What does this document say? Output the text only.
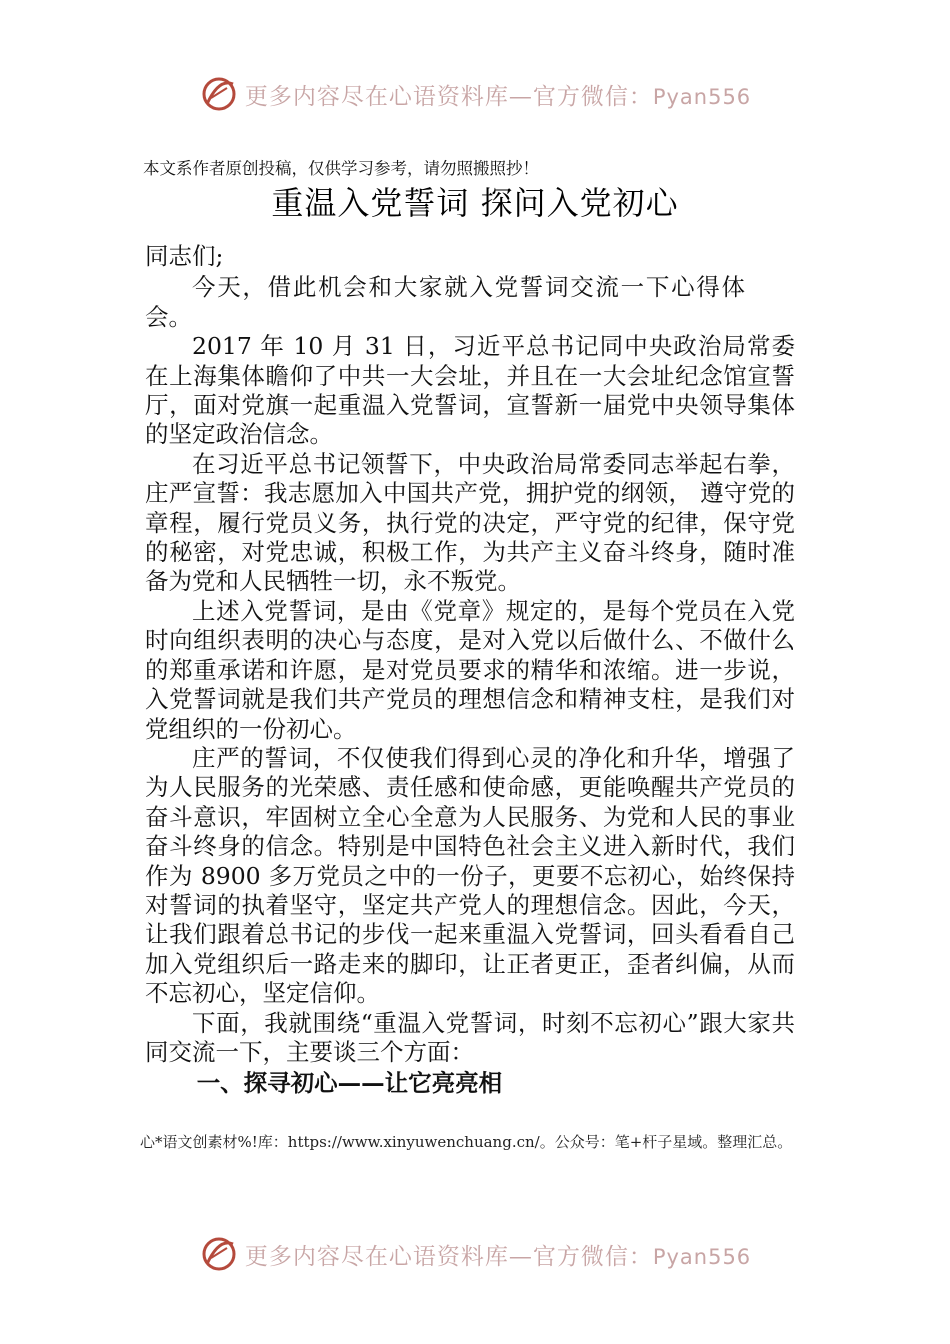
更多内容尽在心语资料库—官方微信：Pyan556
本文系作者原创投稿，仅供学习参考，请勿照搬照抄！
重温入党誓词 探问入党初心

同志们;

今天，借此机会和大家就入党誓词交流一下心得体会。

2017 年 10 月 31 日，习近平总书记同中央政治局常委在上海集体瞻仰了中共一大会址，并且在一大会址纪念馆宣誓厅，面对党旗一起重温入党誓词，宣誓新一届党中央领导集体的坚定政治信念。

在习近平总书记领誓下，中央政治局常委同志举起右拳，庄严宣誓：我志愿加入中国共产党，拥护党的纲领， 遵守党的章程，履行党员义务，执行党的决定，严守党的纪律，保守党的秘密，对党忠诚，积极工作，为共产主义奋斗终身，随时准备为党和人民牺牲一切，永不叛党。

上述入党誓词，是由《党章》规定的，是每个党员在入党时向组织表明的决心与态度，是对入党以后做什么、不做什么的郑重承诺和许愿，是对党员要求的精华和浓缩。进一步说，入党誓词就是我们共产党员的理想信念和精神支柱，是我们对党组织的一份初心。

庄严的誓词，不仅使我们得到心灵的净化和升华，增强了为人民服务的光荣感、责任感和使命感，更能唤醒共产党员的奋斗意识，牢固树立全心全意为人民服务、为党和人民的事业奋斗终身的信念。特别是中国特色社会主义进入新时代，我们作为 8900 多万党员之中的一份子，更要不忘初心，始终保持对誓词的执着坚守，坚定共产党人的理想信念。因此，今天，让我们跟着总书记的步伐一起来重温入党誓词，回头看看自己加入党组织后一路走来的脚印，让正者更正，歪者纠偏，从而不忘初心，坚定信仰。

下面，我就围绕“重温入党誓词，时刻不忘初心”跟大家共同交流一下，主要谈三个方面：

一、探寻初心——让它亮亮相

心*语文创素材%!库：https://www.xinyuwenchuang.cn/。公众号：笔+杆子星域。整理汇总。
更多内容尽在心语资料库—官方微信：Pyan556
